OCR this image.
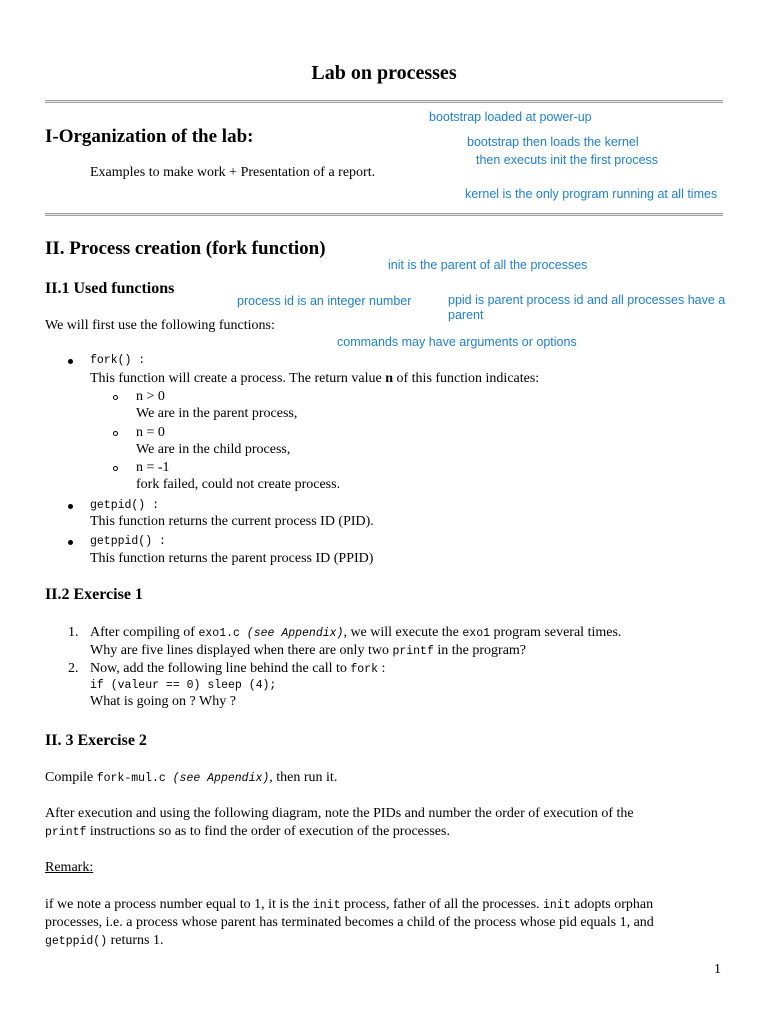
Lab on processes
bootstrap loaded at power-up
bootstrap then loads the kernel
then executs init the first process
kernel is the only program running at all times
init is the parent of all the processes
process id is an integer number	ppid is parent process id and all processes have a
parent
commands may have arguments or options
I-Organization of the lab:
Examples to make work + Presentation of a report.
II. Process creation (fork function)
II.1 Used functions
We will first use the following functions:
fork() :
This function will create a process. The return value n of this function indicates:
n > 0
We are in the parent process,
n = 0
We are in the child process,
n = -1
fork failed, could not create process.
getpid() :
This function returns the current process ID (PID).
getppid() :
This function returns the parent process ID (PPID)
II.2 Exercise 1
1. After compiling of exo1.c (see Appendix), we will execute the exo1 program several times.
Why are five lines displayed when there are only two printf in the program?
2. Now, add the following line behind the call to fork :
if (valeur == 0) sleep (4);
What is going on ? Why ?
II. 3 Exercise 2
Compile fork-mul.c (see Appendix), then run it.
After execution and using the following diagram, note the PIDs and number the order of execution of the
printf instructions so as to find the order of execution of the processes.
Remark:
if we note a process number equal to 1, it is the init process, father of all the processes. init adopts orphan
processes, i.e. a process whose parent has terminated becomes a child of the process whose pid equals 1, and
getppid() returns 1.
1
